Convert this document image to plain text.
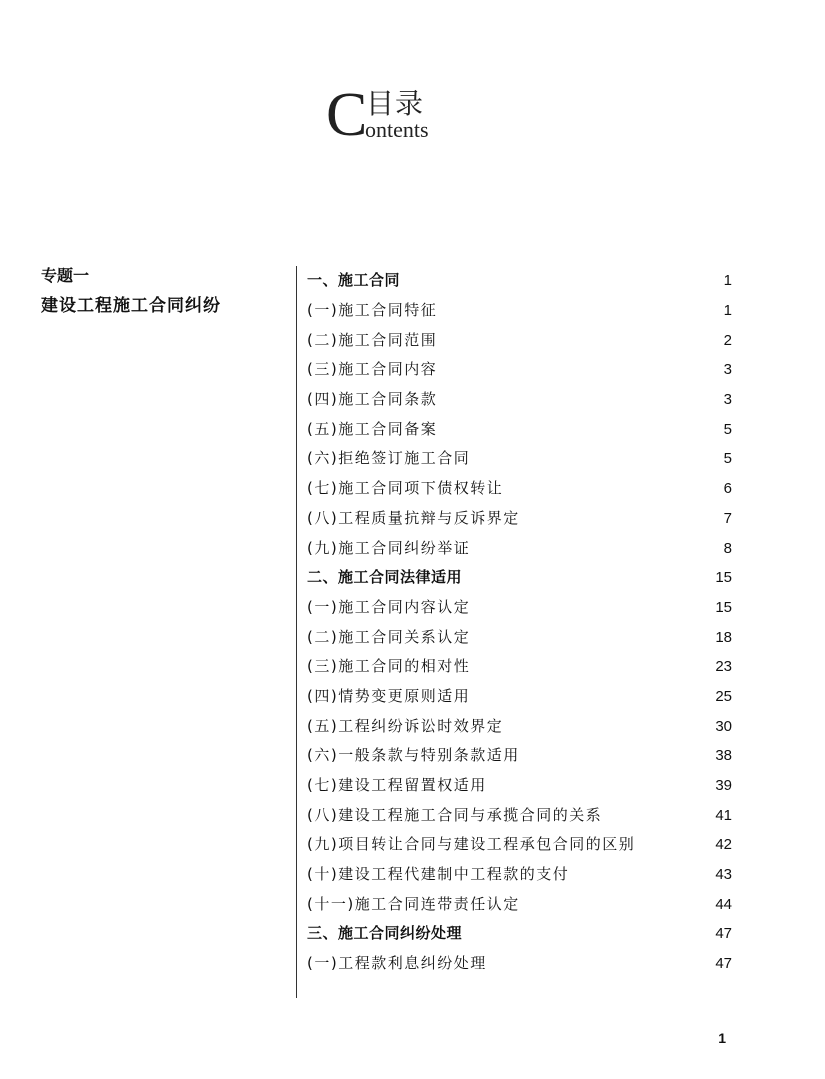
C
目录
ontents
专题一
建设工程施工合同纠纷
一、施工合同	1
(一)施工合同特征	1
(二)施工合同范围	2
(三)施工合同内容	3
(四)施工合同条款	3
(五)施工合同备案	5
(六)拒绝签订施工合同	5
(七)施工合同项下债权转让	6
(八)工程质量抗辩与反诉界定	7
(九)施工合同纠纷举证	8
二、施工合同法律适用	15
(一)施工合同内容认定	15
(二)施工合同关系认定	18
(三)施工合同的相对性	23
(四)情势变更原则适用	25
(五)工程纠纷诉讼时效界定	30
(六)一般条款与特别条款适用	38
(七)建设工程留置权适用	39
(八)建设工程施工合同与承揽合同的关系	41
(九)项目转让合同与建设工程承包合同的区别	42
(十)建设工程代建制中工程款的支付	43
(十一)施工合同连带责任认定	44
三、施工合同纠纷处理	47
(一)工程款利息纠纷处理	47
1
